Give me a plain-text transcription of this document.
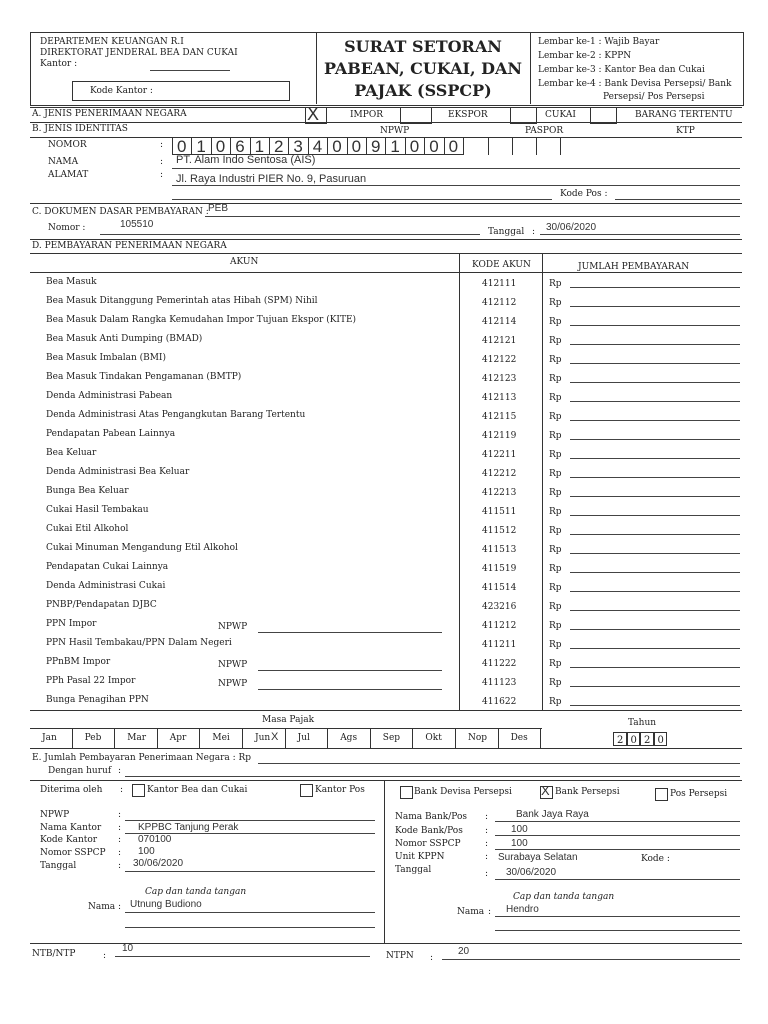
DEPARTEMEN KEUANGAN R.I
DIREKTORAT JENDERAL BEA DAN CUKAI
Kantor :
Kode Kantor :
SURAT SETORAN
PABEAN, CUKAI, DAN
PAJAK (SSPCP)
Lembar ke-1 : Wajib Bayar
Lembar ke-2 : KPPN
Lembar ke-3 : Kantor Bea dan Cukai
Lembar ke-4 : Bank Devisa Persepsi/ Bank
Persepsi/ Pos Persepsi
A. JENIS PENERIMAAN NEGARA	X	IMPOR	EKSPOR	CUKAI	BARANG TERTENTU
B. JENIS IDENTITAS	NPWP	PASPOR	KTP
NOMOR	: 0 1 0 6 1 2 3 4 0 0 9 1 0 0 0
NAMA	: PT. Alam Indo Sentosa (AIS)
ALAMAT	: Jl. Raya Industri PIER No. 9, Pasuruan
Kode Pos :
C. DOKUMEN DASAR PEMBAYARAN : PEB
Nomor :	105510
Tanggal : 30/06/2020
D. PEMBAYARAN PENERIMAAN NEGARA
AKUN	KODE AKUN	JUMLAH PEMBAYARAN
Bea Masuk	412111	Rp
Bea Masuk Ditanggung Pemerintah atas Hibah (SPM) Nihil	412112	Rp
Bea Masuk Dalam Rangka Kemudahan Impor Tujuan Ekspor (KITE)	412114	Rp
Bea Masuk Anti Dumping (BMAD)	412121	Rp
Bea Masuk Imbalan (BMI)	412122	Rp
Bea Masuk Tindakan Pengamanan (BMTP)	412123	Rp
Denda Administrasi Pabean	412113	Rp
Denda Administrasi Atas Pengangkutan Barang Tertentu	412115	Rp
Pendapatan Pabean Lainnya	412119	Rp
Bea Keluar	412211	Rp
Denda Administrasi Bea Keluar	412212	Rp
Bunga Bea Keluar	412213	Rp
Cukai Hasil Tembakau	411511	Rp
Cukai Etil Alkohol	411512	Rp
Cukai Minuman Mengandung Etil Alkohol	411513	Rp
Pendapatan Cukai Lainnya	411519	Rp
Denda Administrasi Cukai	411514	Rp
PNBP/Pendapatan DJBC	423216	Rp
PPN Impor	411212	Rp
PPN Hasil Tembakau/PPN Dalam Negeri	411211	Rp
PPnBM Impor	411222	Rp
PPh Pasal 22 Impor	411123	Rp
Bunga Penagihan PPN	411622	Rp
NPWP
NPWP
NPWP
Masa Pajak	Tahun
Jan	Peb	Mar	Apr	Mei	Jun X Jul	Ags	Sep	Okt	Nop	Des	2 0 2 0
E. Jumlah Pembayaran Penerimaan Negara : Rp
Dengan huruf :
Diterima oleh :	Kantor Bea dan Cukai	Kantor Pos	Bank Devisa Persepsi X Bank Persepsi	Pos Persepsi
NPWP	:
Nama Kantor : KPPBC Tanjung Perak
Kode Kantor : 070100
Nomor SSPCP : 100
Tanggal	: 30/06/2020
Cap dan tanda tangan
Nama : Utnung Budiono
Nama Bank/Pos :	Bank Jaya Raya
Kode Bank/Pos : 100
Nomor SSPCP	: 100
Unit KPPN	: Surabaya Selatan	Kode :
Tanggal	: 30/06/2020
Cap dan tanda tangan
Nama : Hendro
NTB/NTP	:
10
NTPN :
20
